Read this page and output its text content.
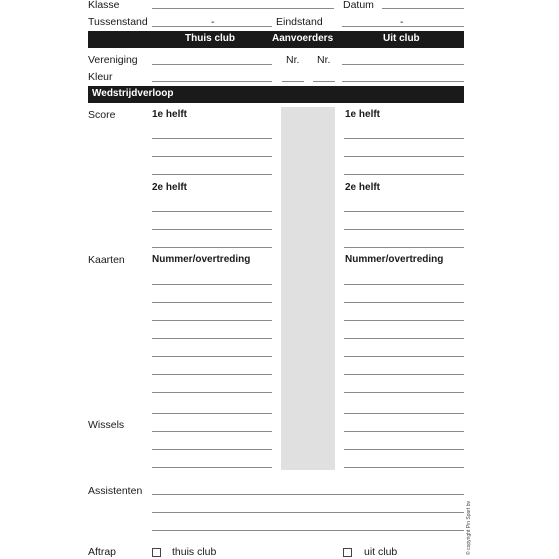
Klasse	Datum
Tussenstand	-	Eindstand	-
Thuis club	Aanvoerders	Uit club
Vereniging	Nr. Nr.
Kleur
Wedstrijdverloop
Score	1e helft	1e helft
2e helft	2e helft
Kaarten	Nummer/overtreding	Nummer/overtreding
Wissels
Assistenten
Aftrap	thuis club	uit club	© copyright Pin Sport bv
